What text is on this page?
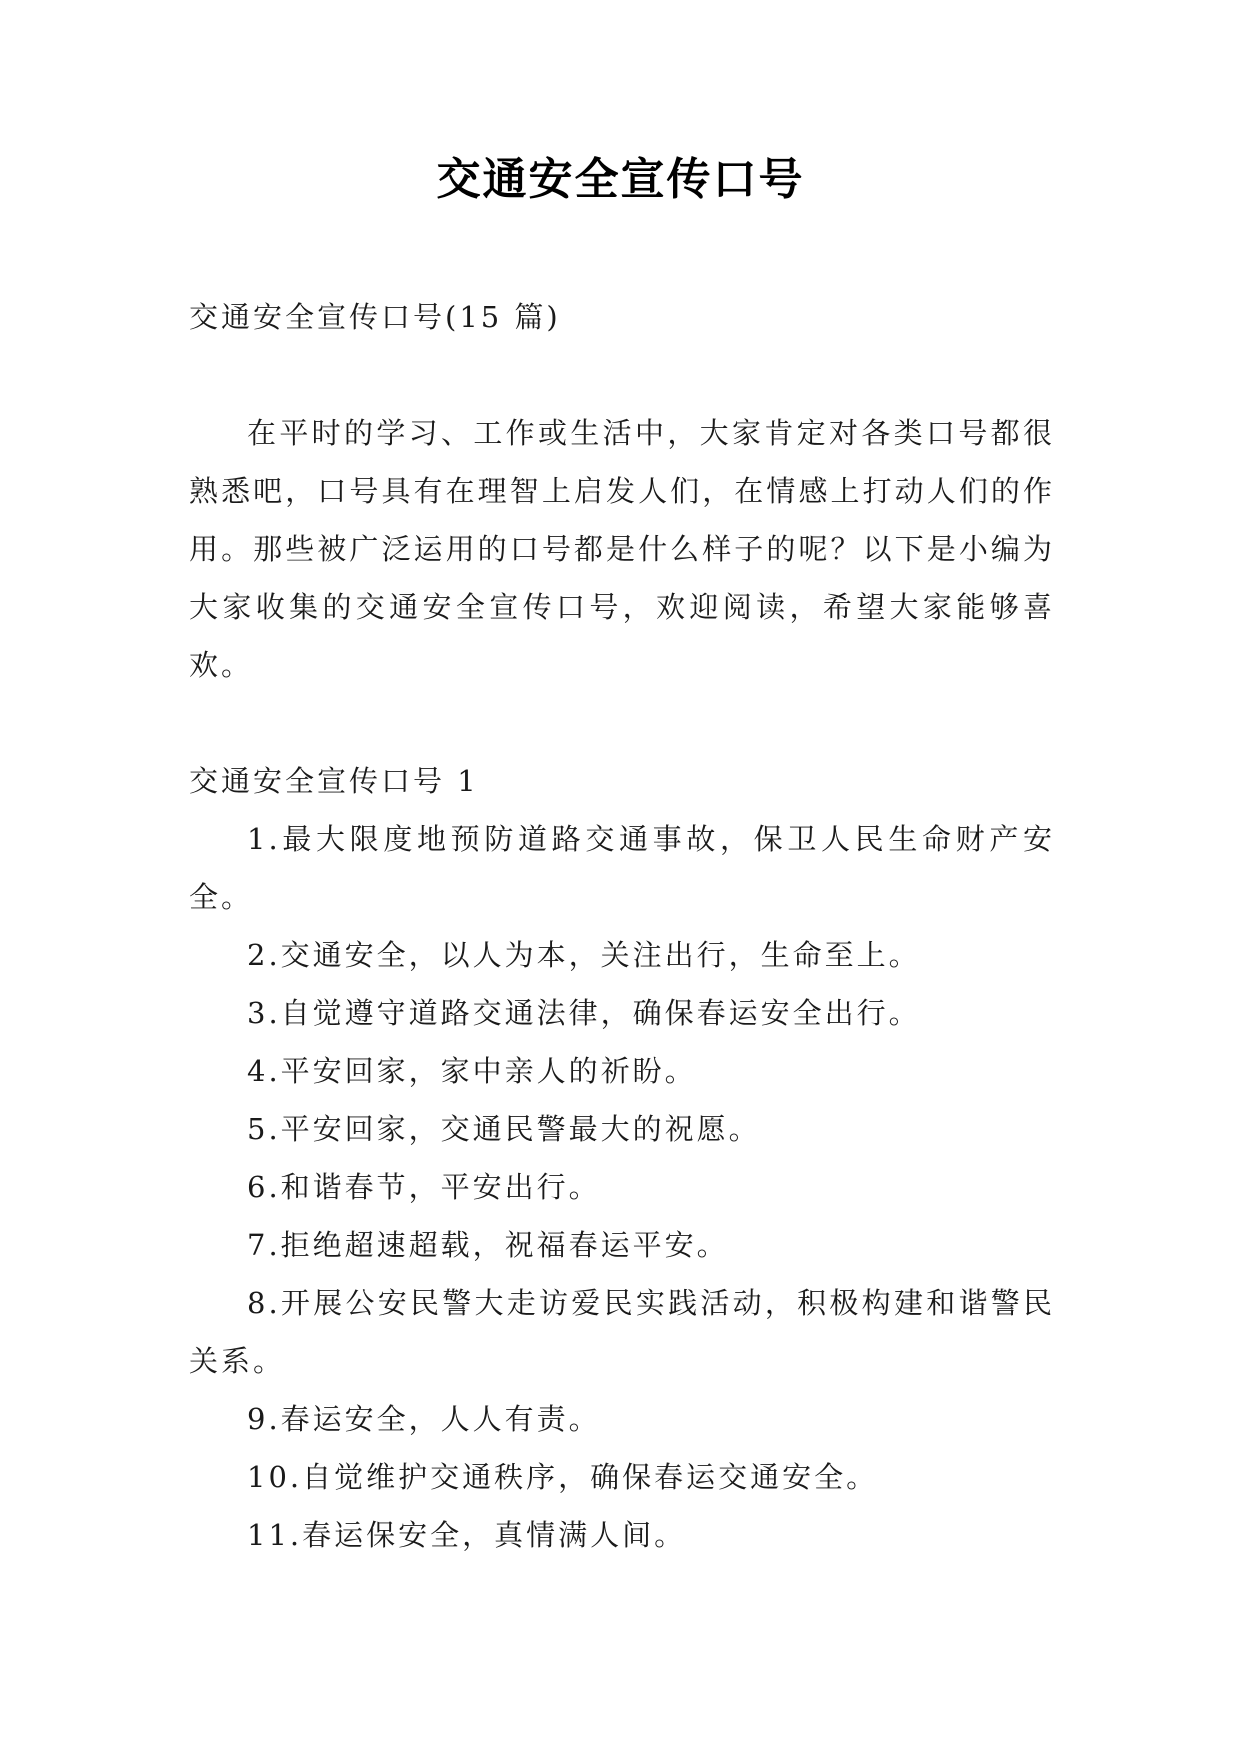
交通安全宣传口号

交通安全宣传口号(15 篇)

在平时的学习、工作或生活中，大家肯定对各类口号都很熟悉吧，口号具有在理智上启发人们，在情感上打动人们的作用。那些被广泛运用的口号都是什么样子的呢？以下是小编为大家收集的交通安全宣传口号，欢迎阅读，希望大家能够喜欢。

交通安全宣传口号 1

1.最大限度地预防道路交通事故，保卫人民生命财产安全。

2.交通安全，以人为本，关注出行，生命至上。

3.自觉遵守道路交通法律，确保春运安全出行。

4.平安回家，家中亲人的祈盼。

5.平安回家，交通民警最大的祝愿。

6.和谐春节，平安出行。

7.拒绝超速超载，祝福春运平安。

8.开展公安民警大走访爱民实践活动，积极构建和谐警民关系。

9.春运安全，人人有责。

10.自觉维护交通秩序，确保春运交通安全。

11.春运保安全，真情满人间。
